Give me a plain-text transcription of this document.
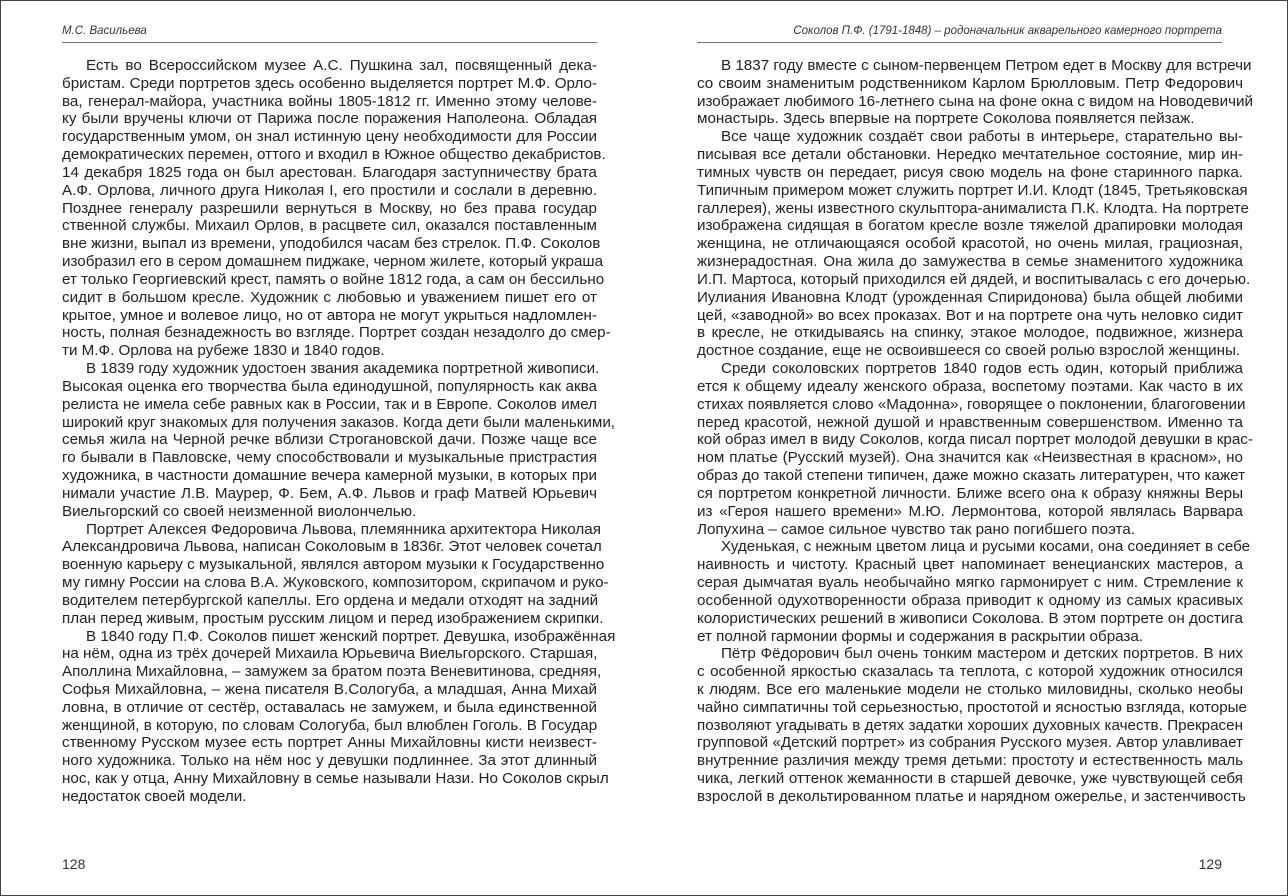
М.С. Васильева
Есть во Всероссийском музее А.С. Пушкина зал, посвященный дека-
бристам. Среди портретов здесь особенно выделяется портрет М.Ф. Орло-
ва, генерал-майора, участника войны 1805-1812 гг. Именно этому челове-
ку были вручены ключи от Парижа после поражения Наполеона. Обладая
государственным умом, он знал истинную цену необходимости для России
демократических перемен, оттого и входил в Южное общество декабристов.
14 декабря 1825 года он был арестован. Благодаря заступничеству брата
А.Ф. Орлова, личного друга Николая I, его простили и сослали в деревню.
Позднее генералу разрешили вернуться в Москву, но без права государ
ственной службы. Михаил Орлов, в расцвете сил, оказался поставленным
вне жизни, выпал из времени, уподобился часам без стрелок. П.Ф. Соколов
изобразил его в сером домашнем пиджаке, черном жилете, который украша
ет только Георгиевский крест, память о войне 1812 года, а сам он бессильно
сидит в большом кресле. Художник с любовью и уважением пишет его от
крытое, умное и волевое лицо, но от автора не могут укрыться надломлен-
ность, полная безнадежность во взгляде. Портрет создан незадолго до смер-
ти М.Ф. Орлова на рубеже 1830 и 1840 годов.
В 1839 году художник удостоен звания академика портретной живописи.
Высокая оценка его творчества была единодушной, популярность как аква
релиста не имела себе равных как в России, так и в Европе. Соколов имел
широкий круг знакомых для получения заказов. Когда дети были маленькими,
семья жила на Черной речке вблизи Строгановской дачи. Позже чаще все
го бывали в Павловске, чему способствовали и музыкальные пристрастия
художника, в частности домашние вечера камерной музыки, в которых при
нимали участие Л.В. Маурер, Ф. Бем, А.Ф. Львов и граф Матвей Юрьевич
Виельгорский со своей неизменной виолончелью.
Портрет Алексея Федоровича Львова, племянника архитектора Николая
Александровича Львова, написан Соколовым в 1836г. Этот человек сочетал
военную карьеру с музыкальной, являлся автором музыки к Государственно
му гимну России на слова В.А. Жуковского, композитором, скрипачом и руко-
водителем петербургской капеллы. Его ордена и медали отходят на задний
план перед живым, простым русским лицом и перед изображением скрипки.
В 1840 году П.Ф. Соколов пишет женский портрет. Девушка, изображённая
на нём, одна из трёх дочерей Михаила Юрьевича Виельгорского. Старшая,
Аполлина Михайловна, – замужем за братом поэта Веневитинова, средняя,
Софья Михайловна, – жена писателя В.Сологуба, а младшая, Анна Михай
ловна, в отличие от сестёр, оставалась не замужем, и была единственной
женщиной, в которую, по словам Сологуба, был влюблен Гоголь. В Государ
ственному Русском музее есть портрет Анны Михайловны кисти неизвест-
ного художника. Только на нём нос у девушки подлиннее. За этот длинный
нос, как у отца, Анну Михайловну в семье называли Нази. Но Соколов скрыл
недостаток своей модели.
128
Соколов П.Ф. (1791-1848) – родоначальник акварельного камерного портрета
В 1837 году вместе с сыном-первенцем Петром едет в Москву для встречи
со своим знаменитым родственником Карлом Брюлловым. Петр Федорович
изображает любимого 16-летнего сына на фоне окна с видом на Новодевичий
монастырь. Здесь впервые на портрете Соколова появляется пейзаж.
Все чаще художник создаёт свои работы в интерьере, старательно вы-
писывая все детали обстановки. Нередко мечтательное состояние, мир ин-
тимных чувств он передает, рисуя свою модель на фоне старинного парка.
Типичным примером может служить портрет И.И. Клодт (1845, Третьяковская
галлерея), жены известного скульптора-анималиста П.К. Клодта. На портрете
изображена сидящая в богатом кресле возле тяжелой драпировки молодая
женщина, не отличающаяся особой красотой, но очень милая, грациозная,
жизнерадостная. Она жила до замужества в семье знаменитого художника
И.П. Мартоса, который приходился ей дядей, и воспитывалась с его дочерью.
Иулиания Ивановна Клодт (урожденная Спиридонова) была общей любими
цей, «заводной» во всех проказах. Вот и на портрете она чуть неловко сидит
в кресле, не откидываясь на спинку, этакое молодое, подвижное, жизнера
достное создание, еще не освоившееся со своей ролью взрослой женщины.
Среди соколовских портретов 1840 годов есть один, который приближа
ется к общему идеалу женского образа, воспетому поэтами. Как часто в их
стихах появляется слово «Мадонна», говорящее о поклонении, благоговении
перед красотой, нежной душой и нравственным совершенством. Именно та
кой образ имел в виду Соколов, когда писал портрет молодой девушки в крас-
ном платье (Русский музей). Она значится как «Неизвестная в красном», но
образ до такой степени типичен, даже можно сказать литературен, что кажет
ся портретом конкретной личности. Ближе всего она к образу княжны Веры
из «Героя нашего времени» М.Ю. Лермонтова, которой являлась Варвара
Лопухина – самое сильное чувство так рано погибшего поэта.
Худенькая, с нежным цветом лица и русыми косами, она соединяет в себе
наивность и чистоту. Красный цвет напоминает венецианских мастеров, а
серая дымчатая вуаль необычайно мягко гармонирует с ним. Стремление к
особенной одухотворенности образа приводит к одному из самых красивых
колористических решений в живописи Соколова. В этом портрете он достига
ет полной гармонии формы и содержания в раскрытии образа.
Пётр Фёдорович был очень тонким мастером и детских портретов. В них
с особенной яркостью сказалась та теплота, с которой художник относился
к людям. Все его маленькие модели не столько миловидны, сколько необы
чайно симпатичны той серьезностью, простотой и ясностью взгляда, которые
позволяют угадывать в детях задатки хороших духовных качеств. Прекрасен
групповой «Детский портрет» из собрания Русского музея. Автор улавливает
внутренние различия между тремя детьми: простоту и естественность маль
чика, легкий оттенок жеманности в старшей девочке, уже чувствующей себя
взрослой в декольтированном платье и нарядном ожерелье, и застенчивость
129
